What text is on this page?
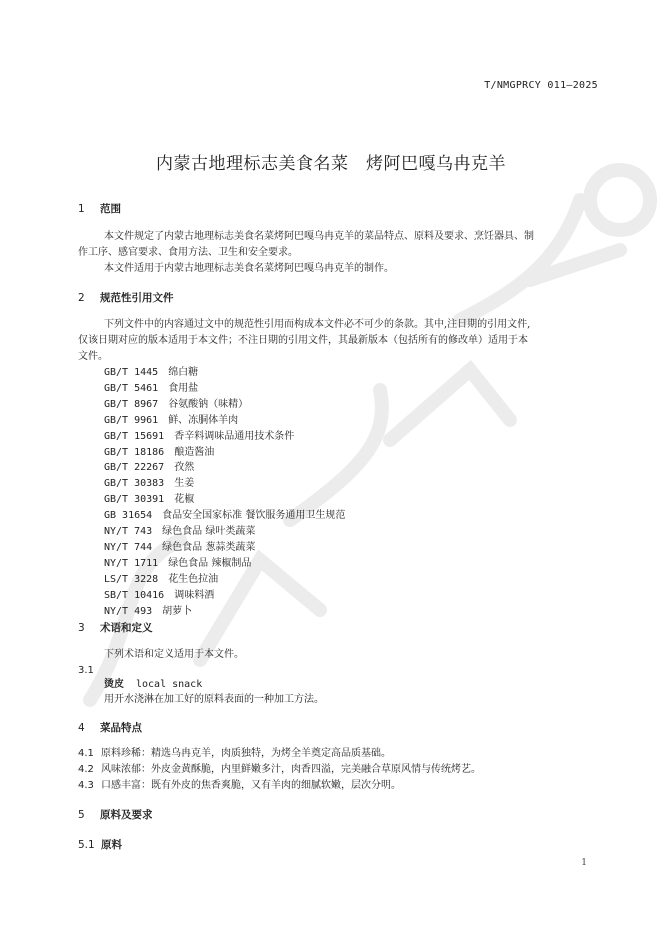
T/NMGPRCY 011—2025
内蒙古地理标志美食名菜　烤阿巴嘎乌冉克羊
1 范围
本文件规定了内蒙古地理标志美食名菜烤阿巴嘎乌冉克羊的菜品特点、原料及要求、烹饪器具、制
作工序、感官要求、食用方法、卫生和安全要求。
本文件适用于内蒙古地理标志美食名菜烤阿巴嘎乌冉克羊的制作。
2 规范性引用文件
下列文件中的内容通过文中的规范性引用而构成本文件必不可少的条款。其中,注日期的引用文件,
仅该日期对应的版本适用于本文件；不注日期的引用文件，其最新版本（包括所有的修改单）适用于本
文件。
GB/T 1445 绵白糖
GB/T 5461 食用盐
GB/T 8967 谷氨酸钠（味精）
GB/T 9961 鲜、冻胴体羊肉
GB/T 15691 香辛料调味品通用技术条件
GB/T 18186 酿造酱油
GB/T 22267 孜然
GB/T 30383 生姜
GB/T 30391 花椒
GB 31654 食品安全国家标准 餐饮服务通用卫生规范
NY/T 743 绿色食品 绿叶类蔬菜
NY/T 744 绿色食品 葱蒜类蔬菜
NY/T 1711 绿色食品 辣椒制品
LS/T 3228 花生色拉油
SB/T 10416 调味料酒
NY/T 493 胡萝卜
3 术语和定义
下列术语和定义适用于本文件。
3.1
烫皮 local snack
用开水浇淋在加工好的原料表面的一种加工方法。
4 菜品特点
4.1 原料珍稀：精选乌冉克羊，肉质独特，为烤全羊奠定高品质基础。
4.2 风味浓郁：外皮金黄酥脆，内里鲜嫩多汁，肉香四溢，完美融合草原风情与传统烤艺。
4.3 口感丰富：既有外皮的焦香爽脆，又有羊肉的细腻软嫩，层次分明。
5 原料及要求
5.1 原料
1
